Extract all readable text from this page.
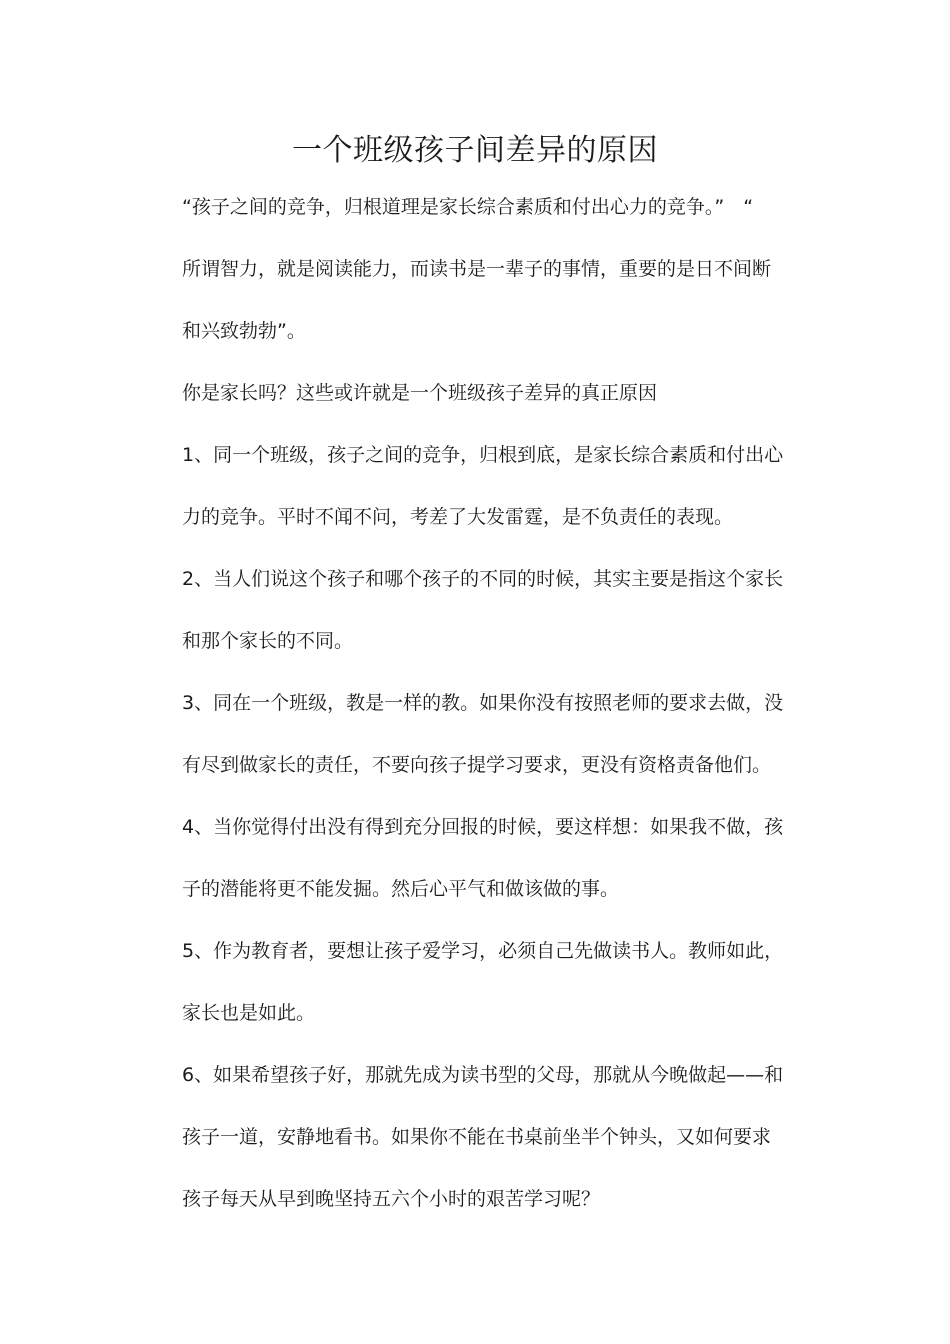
一个班级孩子间差异的原因

“孩子之间的竞争，归根道理是家长综合素质和付出心力的竞争。”　“

所谓智力，就是阅读能力，而读书是一辈子的事情，重要的是日不间断

和兴致勃勃”。

你是家长吗？这些或许就是一个班级孩子差异的真正原因

1、同一个班级，孩子之间的竞争，归根到底，是家长综合素质和付出心

力的竞争。平时不闻不问，考差了大发雷霆，是不负责任的表现。

2、当人们说这个孩子和哪个孩子的不同的时候，其实主要是指这个家长

和那个家长的不同。

3、同在一个班级，教是一样的教。如果你没有按照老师的要求去做，没

有尽到做家长的责任，不要向孩子提学习要求，更没有资格责备他们。

4、当你觉得付出没有得到充分回报的时候，要这样想：如果我不做，孩

子的潜能将更不能发掘。然后心平气和做该做的事。

5、作为教育者，要想让孩子爱学习，必须自己先做读书人。教师如此，

家长也是如此。

6、如果希望孩子好，那就先成为读书型的父母，那就从今晚做起——和

孩子一道，安静地看书。如果你不能在书桌前坐半个钟头，又如何要求

孩子每天从早到晚坚持五六个小时的艰苦学习呢？
